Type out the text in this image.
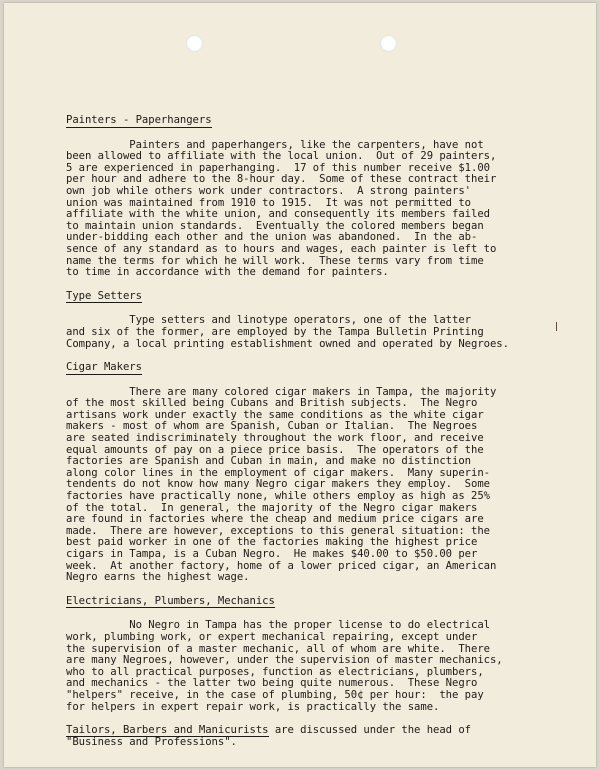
Painters - Paperhangers
Painters and paperhangers, like the carpenters, have not
been allowed to affiliate with the local union.  Out of 29 painters,
5 are experienced in paperhanging.  17 of this number receive $1.00
per hour and adhere to the 8-hour day.  Some of these contract their
own job while others work under contractors.  A strong painters'
union was maintained from 1910 to 1915.  It was not permitted to
affiliate with the white union, and consequently its members failed
to maintain union standards.  Eventually the colored members began
under-bidding each other and the union was abandoned.  In the ab-
sence of any standard as to hours and wages, each painter is left to
name the terms for which he will work.  These terms vary from time
to time in accordance with the demand for painters.
Type Setters
Type setters and linotype operators, one of the latter
and six of the former, are employed by the Tampa Bulletin Printing
Company, a local printing establishment owned and operated by Negroes.
Cigar Makers
There are many colored cigar makers in Tampa, the majority
of the most skilled being Cubans and British subjects.  The Negro
artisans work under exactly the same conditions as the white cigar
makers - most of whom are Spanish, Cuban or Italian.  The Negroes
are seated indiscriminately throughout the work floor, and receive
equal amounts of pay on a piece price basis.  The operators of the
factories are Spanish and Cuban in main, and make no distinction
along color lines in the employment of cigar makers.  Many superin-
tendents do not know how many Negro cigar makers they employ.  Some
factories have practically none, while others employ as high as 25%
of the total.  In general, the majority of the Negro cigar makers
are found in factories where the cheap and medium price cigars are
made.  There are however, exceptions to this general situation: the
best paid worker in one of the factories making the highest price
cigars in Tampa, is a Cuban Negro.  He makes $40.00 to $50.00 per
week.  At another factory, home of a lower priced cigar, an American
Negro earns the highest wage.
Electricians, Plumbers, Mechanics
No Negro in Tampa has the proper license to do electrical
work, plumbing work, or expert mechanical repairing, except under
the supervision of a master mechanic, all of whom are white.  There
are many Negroes, however, under the supervision of master mechanics,
who to all practical purposes, function as electricians, plumbers,
and mechanics - the latter two being quite numerous.  These Negro
"helpers" receive, in the case of plumbing, 50¢ per hour:  the pay
for helpers in expert repair work, is practically the same.
Tailors, Barbers and Manicurists are discussed under the head of
"Business and Professions".
